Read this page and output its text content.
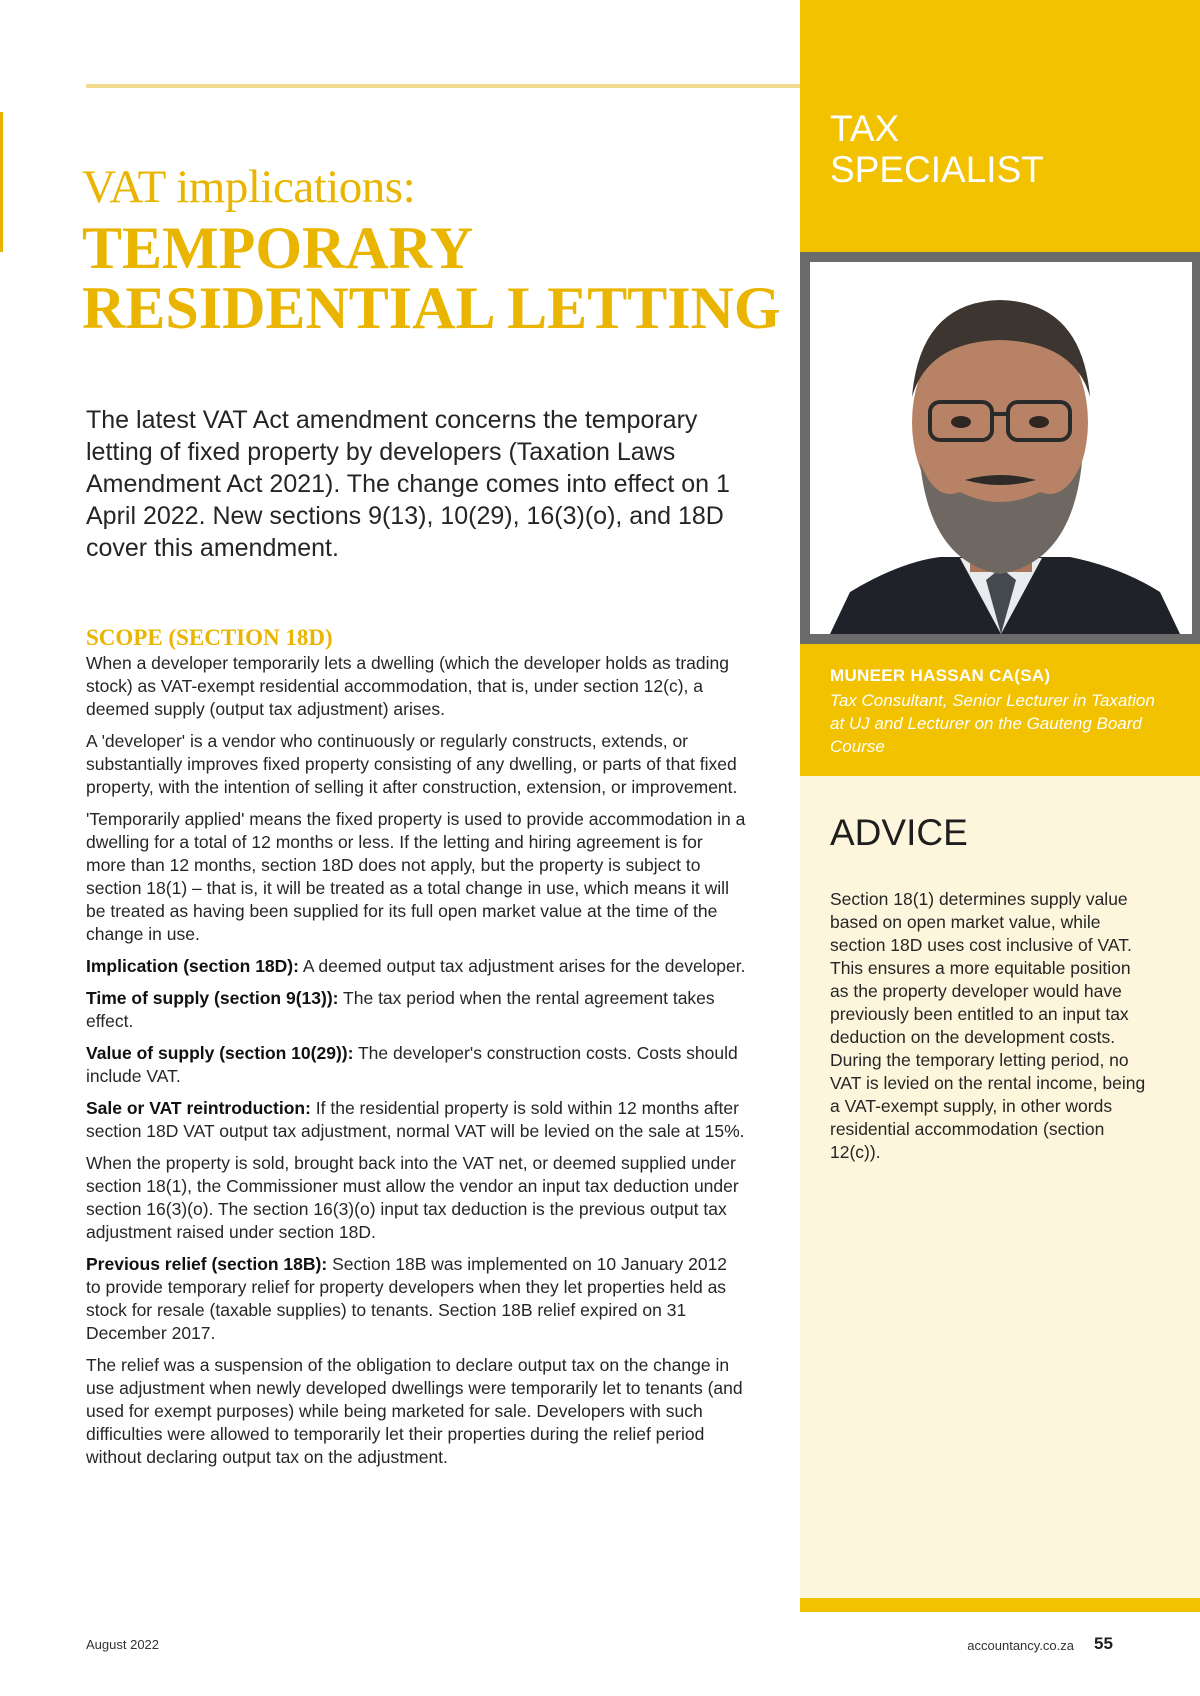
VAT implications:
TEMPORARY
RESIDENTIAL LETTING

The latest VAT Act amendment concerns the temporary letting of fixed property by developers (Taxation Laws Amendment Act 2021). The change comes into effect on 1 April 2022. New sections 9(13), 10(29), 16(3)(o), and 18D cover this amendment.

SCOPE (SECTION 18D)

When a developer temporarily lets a dwelling (which the developer holds as trading stock) as VAT-exempt residential accommodation, that is, under section 12(c), a deemed supply (output tax adjustment) arises.

A 'developer' is a vendor who continuously or regularly constructs, extends, or substantially improves fixed property consisting of any dwelling, or parts of that fixed property, with the intention of selling it after construction, extension, or improvement.

'Temporarily applied' means the fixed property is used to provide accommodation in a dwelling for a total of 12 months or less. If the letting and hiring agreement is for more than 12 months, section 18D does not apply, but the property is subject to section 18(1) – that is, it will be treated as a total change in use, which means it will be treated as having been supplied for its full open market value at the time of the change in use.

Implication (section 18D): A deemed output tax adjustment arises for the developer.

Time of supply (section 9(13)): The tax period when the rental agreement takes effect.

Value of supply (section 10(29)): The developer's construction costs. Costs should include VAT.

Sale or VAT reintroduction: If the residential property is sold within 12 months after section 18D VAT output tax adjustment, normal VAT will be levied on the sale at 15%.

When the property is sold, brought back into the VAT net, or deemed supplied under section 18(1), the Commissioner must allow the vendor an input tax deduction under section 16(3)(o). The section 16(3)(o) input tax deduction is the previous output tax adjustment raised under section 18D.

Previous relief (section 18B): Section 18B was implemented on 10 January 2012 to provide temporary relief for property developers when they let properties held as stock for resale (taxable supplies) to tenants. Section 18B relief expired on 31 December 2017.

The relief was a suspension of the obligation to declare output tax on the change in use adjustment when newly developed dwellings were temporarily let to tenants (and used for exempt purposes) while being marketed for sale. Developers with such difficulties were allowed to temporarily let their properties during the relief period without declaring output tax on the adjustment.

TAX
SPECIALIST
MUNEER HASSAN CA(SA)
Tax Consultant, Senior Lecturer in Taxation at UJ and Lecturer on the Gauteng Board Course
ADVICE
Section 18(1) determines supply value based on open market value, while section 18D uses cost inclusive of VAT. This ensures a more equitable position as the property developer would have previously been entitled to an input tax deduction on the development costs. During the temporary letting period, no VAT is levied on the rental income, being a VAT-exempt supply, in other words residential accommodation (section 12(c)).
August 2022	accountancy.co.za 55
